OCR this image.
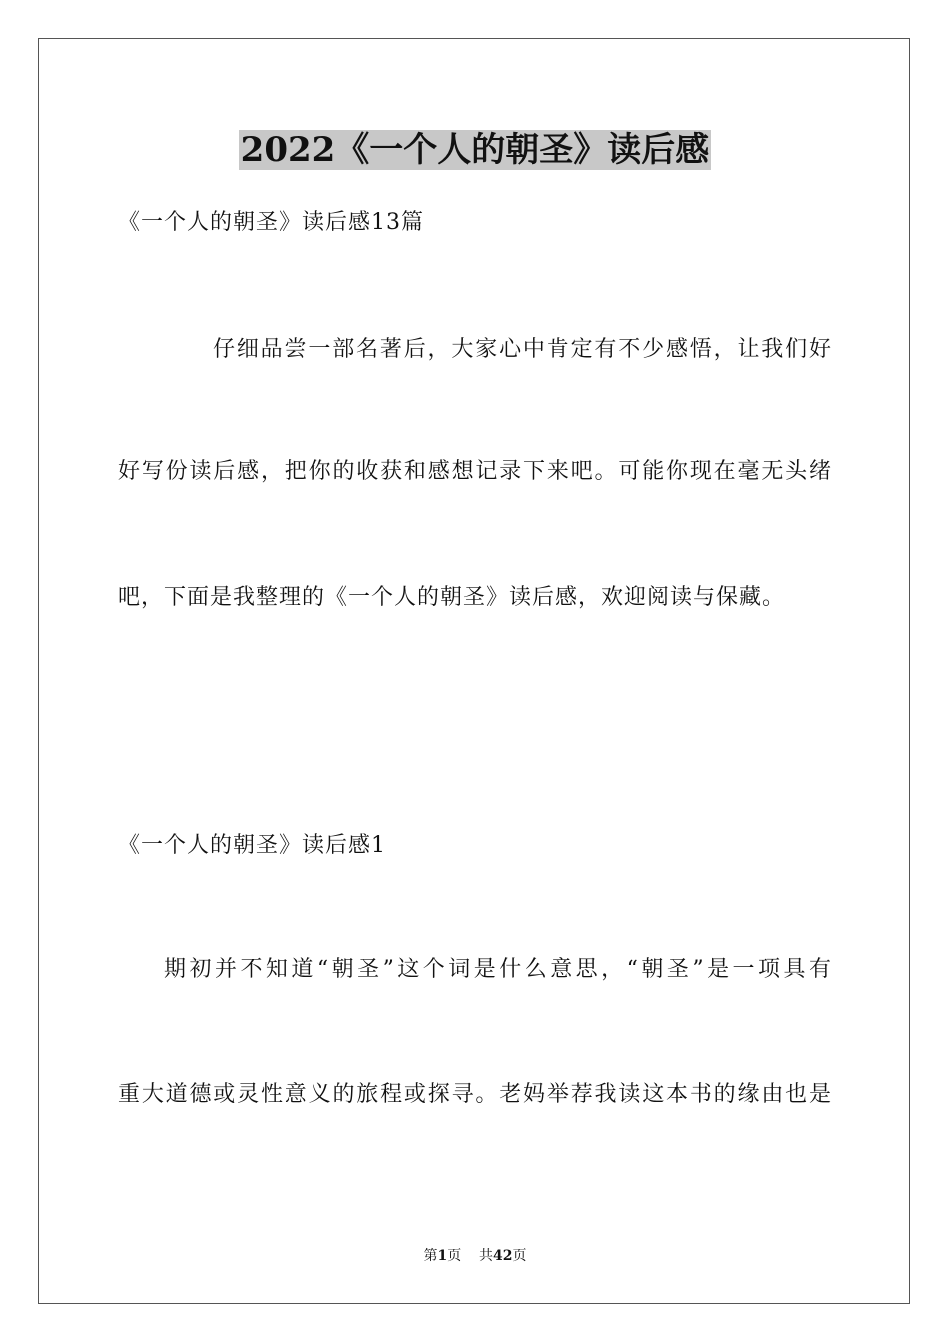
2022《一个人的朝圣》读后感
《一个人的朝圣》读后感13篇
仔细品尝一部名著后，大家心中肯定有不少感悟，让我们好
好写份读后感，把你的收获和感想记录下来吧。可能你现在毫无头绪
吧，下面是我整理的《一个人的朝圣》读后感，欢迎阅读与保藏。
《一个人的朝圣》读后感1
期初并不知道“朝圣”这个词是什么意思，“朝圣”是一项具有
重大道德或灵性意义的旅程或探寻。老妈举荐我读这本书的缘由也是
第1页 共42页
